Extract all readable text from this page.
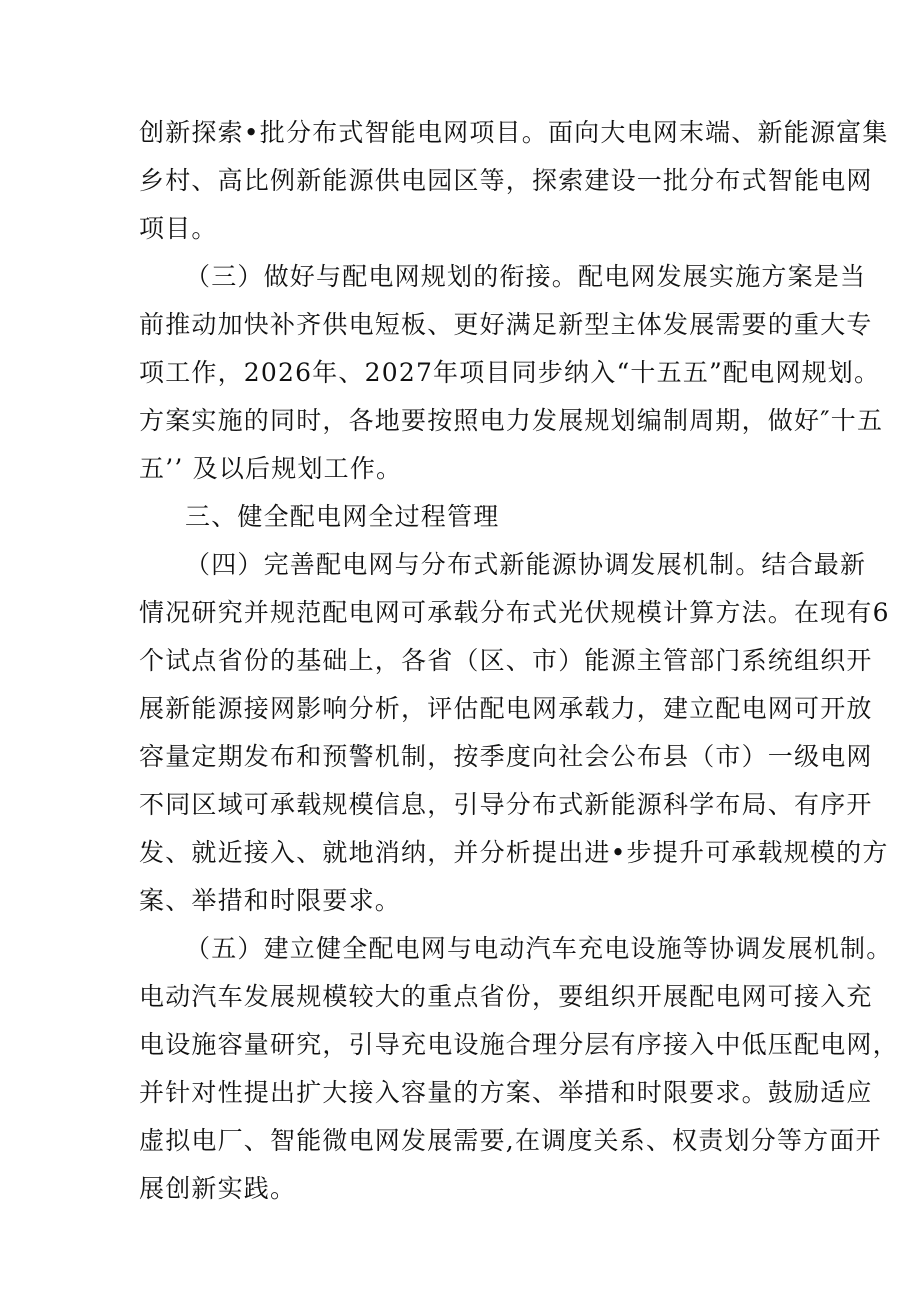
创新探索•批分布式智能电网项目。面向大电网末端、新能源富集
乡村、高比例新能源供电园区等，探索建设一批分布式智能电网
项目。
（三）做好与配电网规划的衔接。配电网发展实施方案是当
前推动加快补齐供电短板、更好满足新型主体发展需要的重大专
项工作，2026年、2027年项目同步纳入“十五五”配电网规划。
方案实施的同时，各地要按照电力发展规划编制周期，做好″十五
五’’ 及以后规划工作。
三、健全配电网全过程管理
（四）完善配电网与分布式新能源协调发展机制。结合最新
情况研究并规范配电网可承载分布式光伏规模计算方法。在现有6
个试点省份的基础上，各省（区、市）能源主管部门系统组织开
展新能源接网影响分析，评估配电网承载力，建立配电网可开放
容量定期发布和预警机制，按季度向社会公布县（市）一级电网
不同区域可承载规模信息，引导分布式新能源科学布局、有序开
发、就近接入、就地消纳，并分析提出进•步提升可承载规模的方
案、举措和时限要求。
（五）建立健全配电网与电动汽车充电设施等协调发展机制。
电动汽车发展规模较大的重点省份，要组织开展配电网可接入充
电设施容量研究，引导充电设施合理分层有序接入中低压配电网，
并针对性提出扩大接入容量的方案、举措和时限要求。鼓励适应
虚拟电厂、智能微电网发展需要,在调度关系、权责划分等方面开
展创新实践。
